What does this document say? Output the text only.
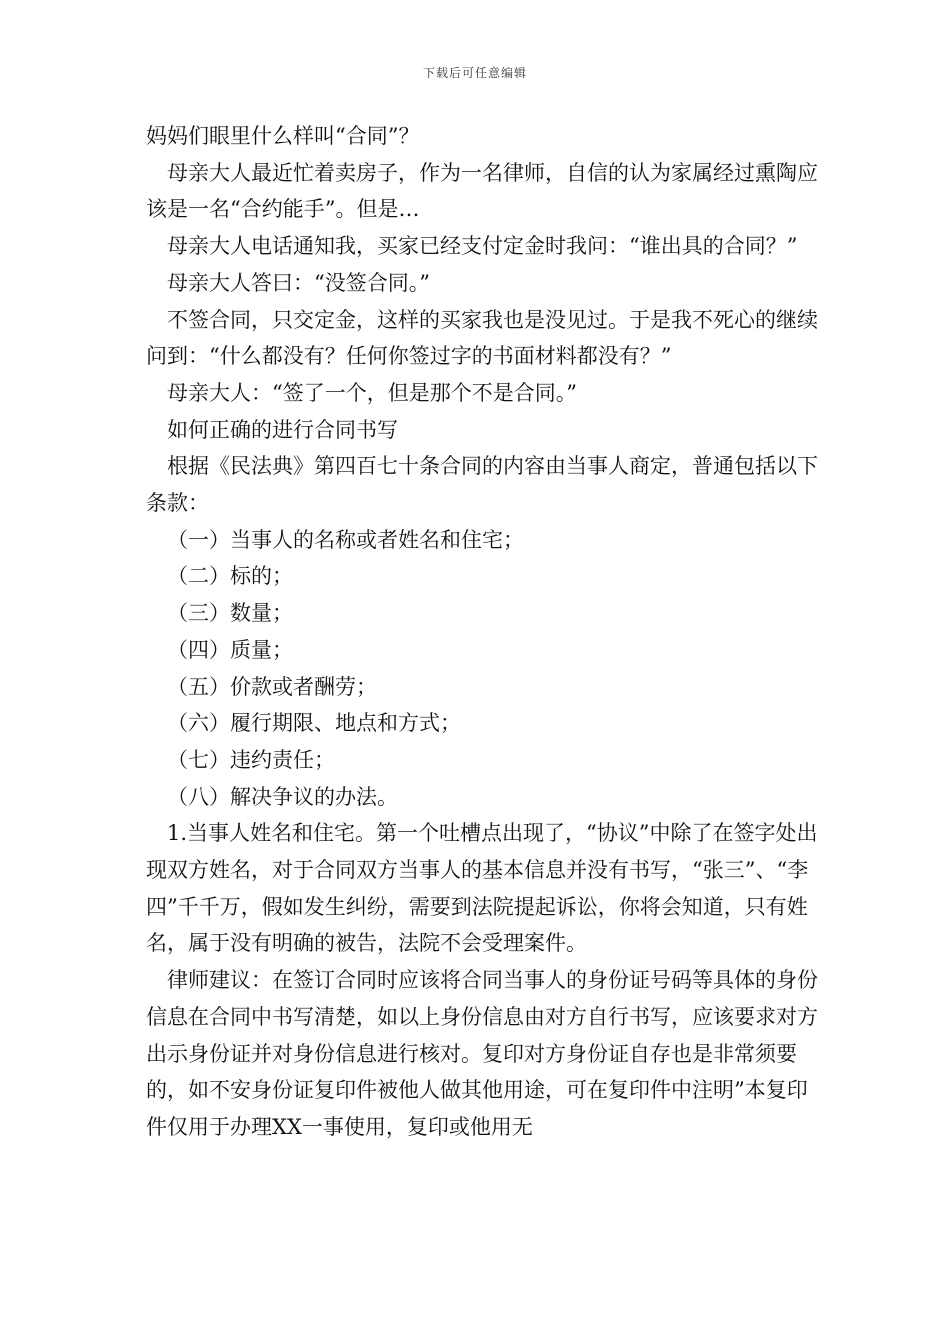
下载后可任意编辑

妈妈们眼里什么样叫“合同”？

母亲大人最近忙着卖房子，作为一名律师，自信的认为家属经过熏陶应该是一名“合约能手”。但是…

母亲大人电话通知我，买家已经支付定金时我问：“谁出具的合同？”

母亲大人答曰：“没签合同。”

不签合同，只交定金，这样的买家我也是没见过。于是我不死心的继续问到：“什么都没有？任何你签过字的书面材料都没有？”

母亲大人：“签了一个，但是那个不是合同。”

如何正确的进行合同书写

根据《民法典》第四百七十条合同的内容由当事人商定，普通包括以下条款：

（一）当事人的名称或者姓名和住宅；

（二）标的；

（三）数量；

（四）质量；

（五）价款或者酬劳；

（六）履行期限、地点和方式；

（七）违约责任；

（八）解决争议的办法。

1.当事人姓名和住宅。第一个吐槽点出现了，“协议”中除了在签字处出现双方姓名，对于合同双方当事人的基本信息并没有书写，“张三”、“李四”千千万，假如发生纠纷，需要到法院提起诉讼，你将会知道，只有姓名，属于没有明确的被告，法院不会受理案件。

律师建议：在签订合同时应该将合同当事人的身份证号码等具体的身份信息在合同中书写清楚，如以上身份信息由对方自行书写，应该要求对方出示身份证并对身份信息进行核对。复印对方身份证自存也是非常须要的，如不安身份证复印件被他人做其他用途，可在复印件中注明”本复印件仅用于办理XX一事使用，复印或他用无
